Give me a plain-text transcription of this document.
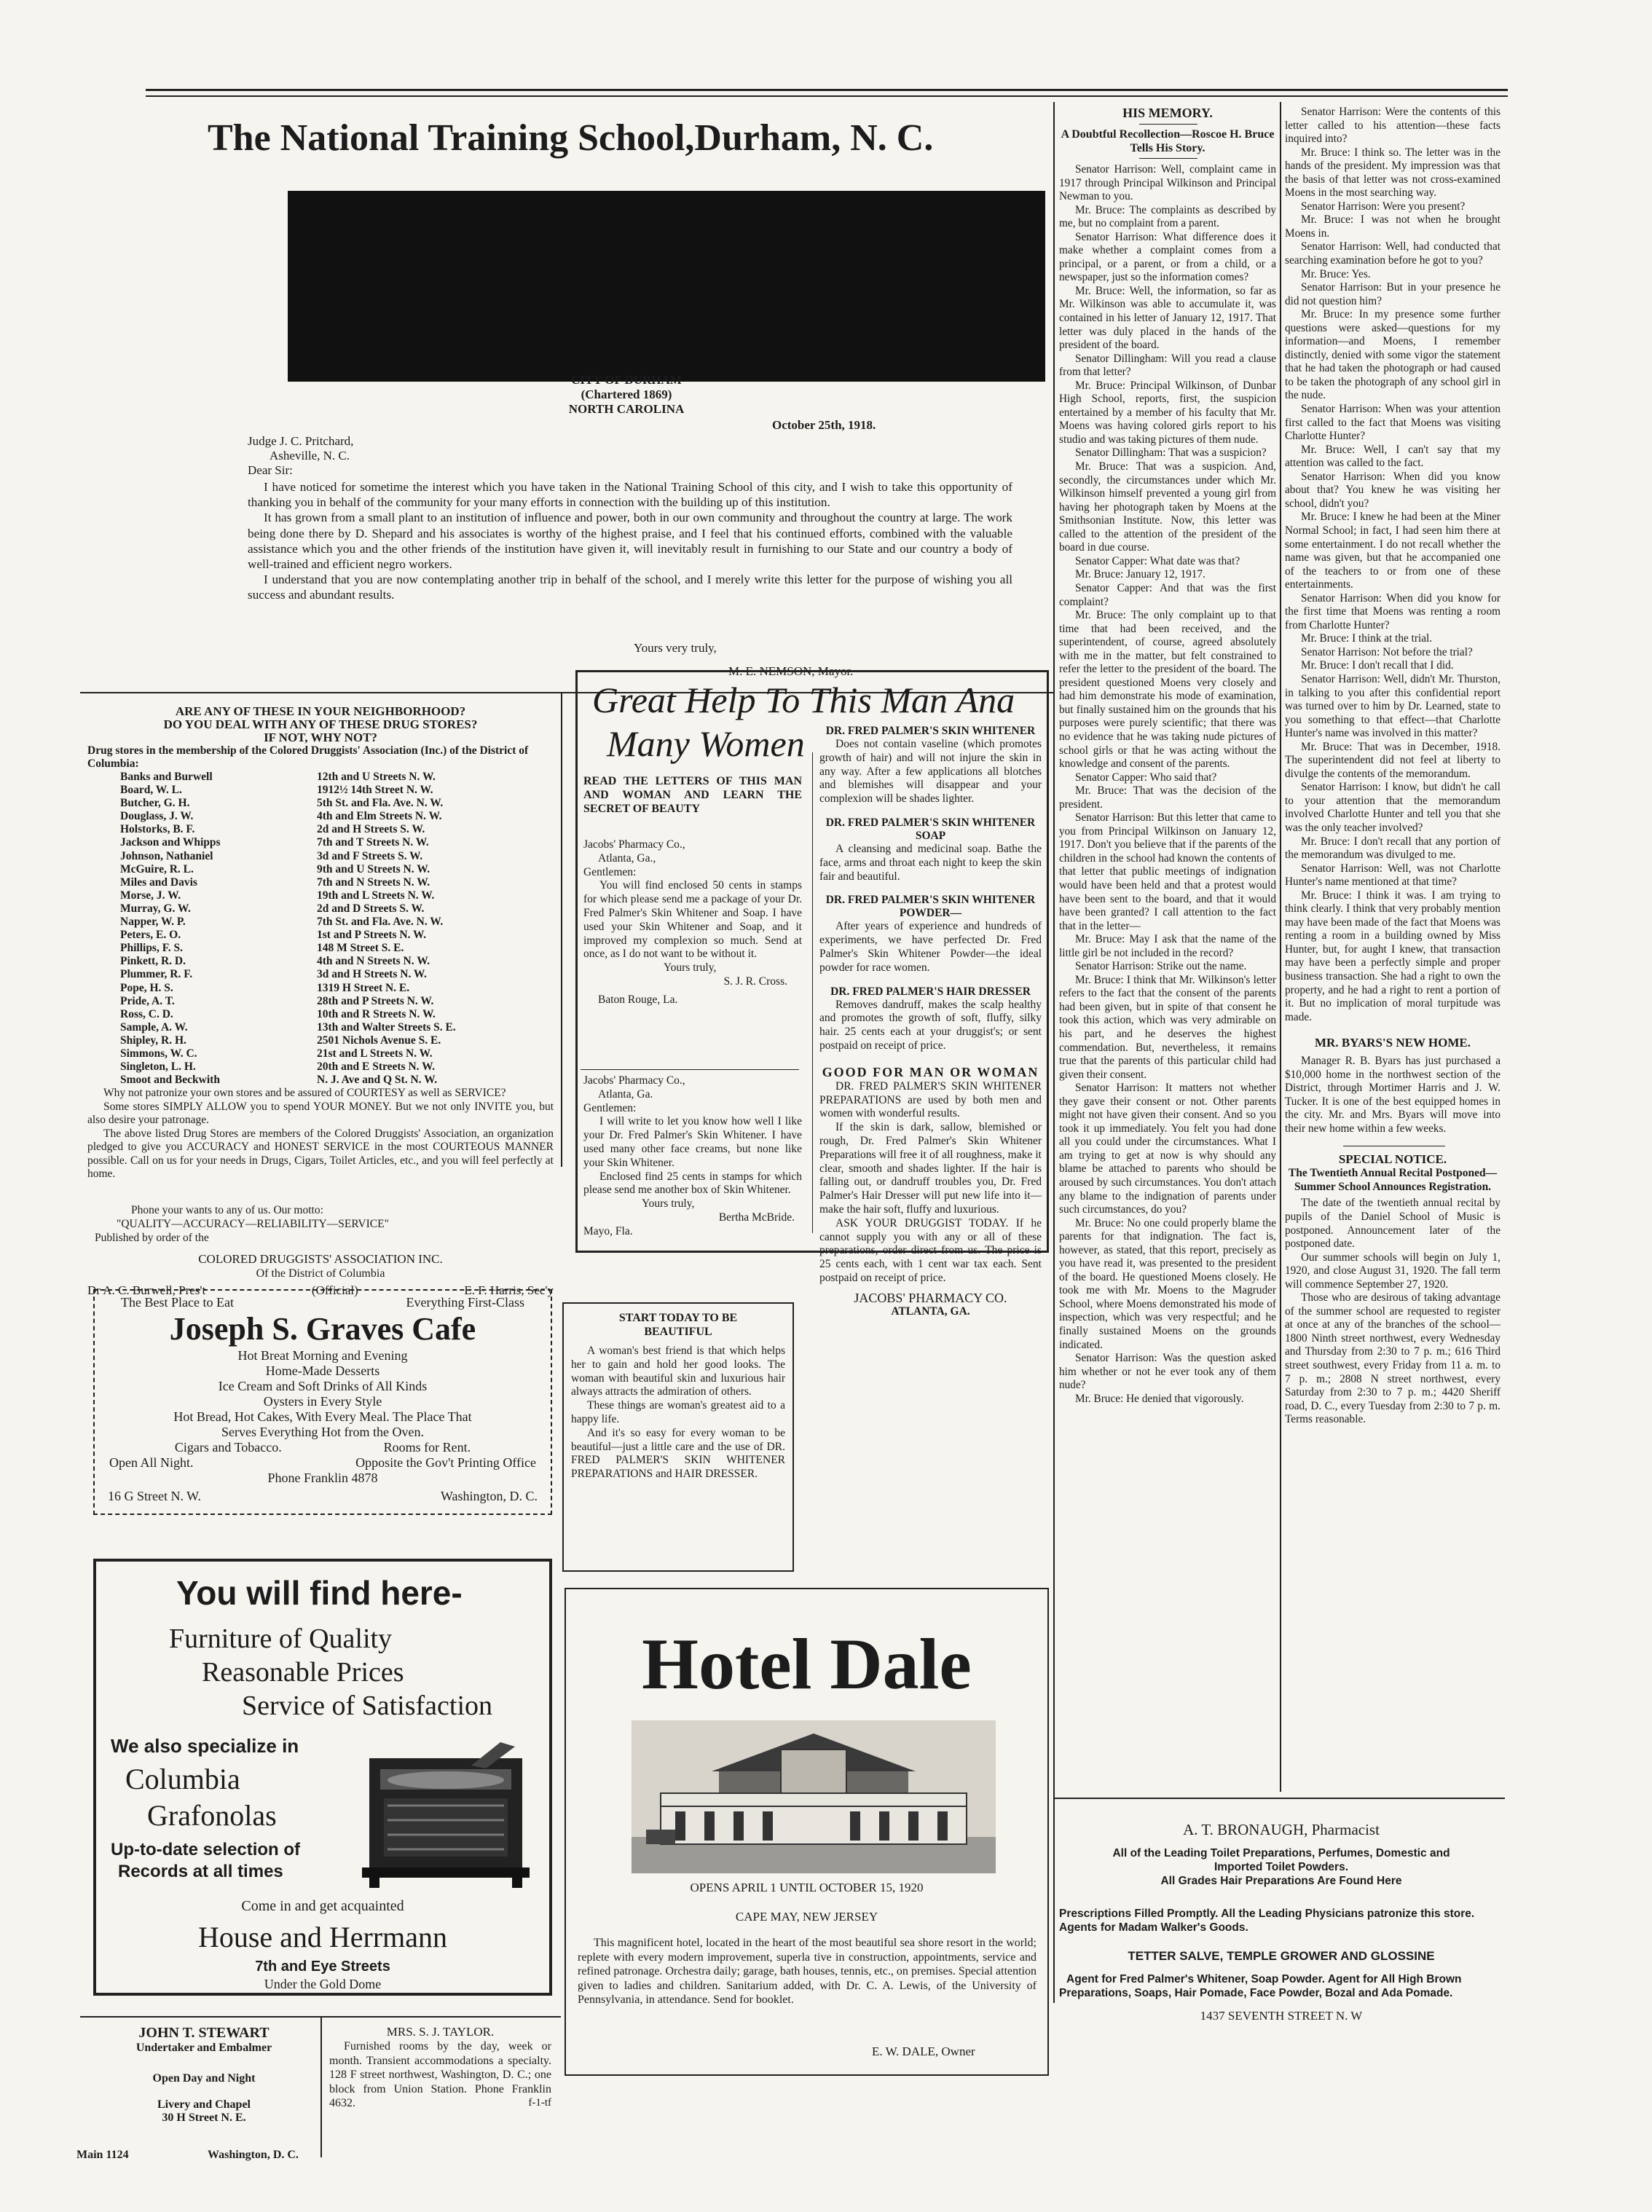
The National Training School,Durham, N. C.
CITY OF DURHAM
(Chartered 1869)
NORTH CAROLINA
October 25th, 1918.
Judge J. C. Pritchard,
Asheville, N. C.
Dear Sir:

I have noticed for sometime the interest which you have taken in the National Training School of this city, and I wish to take this opportunity of thanking you in behalf of the community for your many efforts in connection with the building up of this institution.

It has grown from a small plant to an institution of influence and power, both in our own community and throughout the country at large. The work being done there by D. Shepard and his associates is worthy of the highest praise, and I feel that his continued efforts, combined with the valuable assistance which you and the other friends of the institution have given it, will inevitably result in furnishing to our State and our country a body of well-trained and efficient negro workers.

I understand that you are now contemplating another trip in behalf of the school, and I merely write this letter for the purpose of wishing you all success and abundant results.

Yours very truly,
M. E. NEMSON, Mayor.
ARE ANY OF THESE IN YOUR NEIGHBORHOOD?
DO YOU DEAL WITH ANY OF THESE DRUG STORES?
IF NOT, WHY NOT?
Drug stores in the membership of the Colored Druggists' Association (Inc.) of the District of Columbia:
Banks and Burwell	12th and U Streets N. W.
Board, W. L.	1912½ 14th Street N. W.
Butcher, G. H.	5th St. and Fla. Ave. N. W.
Douglass, J. W.	4th and Elm Streets N. W.
Holstorks, B. F.	2d and H Streets S. W.
Jackson and Whipps	7th and T Streets N. W.
Johnson, Nathaniel	3d and F Streets S. W.
McGuire, R. L.	9th and U Streets N. W.
Miles and Davis	7th and N Streets N. W.
Morse, J. W.	19th and L Streets N. W.
Murray, G. W.	2d and D Streets S. W.
Napper, W. P.	7th St. and Fla. Ave. N. W.
Peters, E. O.	1st and P Streets N. W.
Phillips, F. S.	148 M Street S. E.
Pinkett, R. D.	4th and N Streets N. W.
Plummer, R. F.	3d and H Streets N. W.
Pope, H. S.	1319 H Street N. E.
Pride, A. T.	28th and P Streets N. W.
Ross, C. D.	10th and R Streets N. W.
Sample, A. W.	13th and Walter Streets S. E.
Shipley, R. H.	2501 Nichols Avenue S. E.
Simmons, W. C.	21st and L Streets N. W.
Singleton, L. H.	20th and E Streets N. W.
Smoot and Beckwith	N. J. Ave and Q St. N. W.

Why not patronize your own stores and be assured of COURTESY as well as SERVICE?

Some stores SIMPLY ALLOW you to spend YOUR MONEY. But we not only INVITE you, but also desire your patronage.

The above listed Drug Stores are members of the Colored Druggists' Association, an organization pledged to give you ACCURACY and HONEST SERVICE in the most COURTEOUS MANNER possible. Call on us for your needs in Drugs, Cigars, Toilet Articles, etc., and you will feel perfectly at home.

Phone your wants to any of us. Our motto:
"QUALITY—ACCURACY—RELIABILITY—SERVICE"
Published by order of the
COLORED DRUGGISTS' ASSOCIATION INC.
Of the District of Columbia
Dr A. C. Burwell, Pres't	(Official)	E. F. Harris, Sec'y
The Best Place to Eat	Everything First-Class
Joseph S. Graves Cafe
Hot Breat Morning and Evening
Home-Made Desserts
Ice Cream and Soft Drinks of All Kinds
Oysters in Every Style
Hot Bread, Hot Cakes, With Every Meal. The Place That
Serves Everything Hot from the Oven.
Cigars and Tobacco.	Rooms for Rent.
Open All Night.	Opposite the Gov't Printing Office
Phone Franklin 4878
16 G Street N. W.	Washington, D. C.
You will find here-
Furniture of Quality
Reasonable Prices
Service of Satisfaction
We also specialize in
Columbia
Grafonolas
Up-to-date selection of
Records at all times
Come in and get acquainted
House and Herrmann
7th and Eye Streets
Under the Gold Dome
JOHN T. STEWART
Undertaker and Embalmer
Open Day and Night
Livery and Chapel
30 H Street N. E.
Main 1124	Washington, D. C.
MRS. S. J. TAYLOR.
Furnished rooms by the day, week or month. Transient accommodations a specialty. 128 F street northwest, Washington, D. C.; one block from Union Station. Phone Franklin 4632.	f-1-tf
Great Help To This Man Ana
Many Women
READ THE LETTERS OF THIS MAN AND WOMAN AND LEARN THE SECRET OF BEAUTY
Jacobs' Pharmacy Co.,
Atlanta, Ga.,
Gentlemen:

You will find enclosed 50 cents in stamps for which please send me a package of your Dr. Fred Palmer's Skin Whitener and Soap. I have used your Skin Whitener and Soap, and it improved my complexion so much. Send at once, as I do not want to be without it.

Yours truly,
S. J. R. Cross.
Baton Rouge, La.
Jacobs' Pharmacy Co.,
Atlanta, Ga.
Gentlemen:

I will write to let you know how well I like your Dr. Fred Palmer's Skin Whitener. I have used many other face creams, but none like your Skin Whitener.

Enclosed find 25 cents in stamps for which please send me another box of Skin Whitener.

Yours truly,
Bertha McBride.
Mayo, Fla.
DR. FRED PALMER'S SKIN WHITENER

Does not contain vaseline (which promotes growth of hair) and will not injure the skin in any way. After a few applications all blotches and blemishes will disappear and your complexion will be shades lighter.

DR. FRED PALMER'S SKIN WHITENER SOAP

A cleansing and medicinal soap. Bathe the face, arms and throat each night to keep the skin fair and beautiful.

DR. FRED PALMER'S SKIN WHITENER POWDER—

After years of experience and hundreds of experiments, we have perfected Dr. Fred Palmer's Skin Whitener Powder—the ideal powder for race women.

DR. FRED PALMER'S HAIR DRESSER

Removes dandruff, makes the scalp healthy and promotes the growth of soft, fluffy, silky hair. 25 cents each at your druggist's; or sent postpaid on receipt of price.

GOOD FOR MAN OR WOMAN

DR. FRED PALMER'S SKIN WHITENER PREPARATIONS are used by both men and women with wonderful results.

If the skin is dark, sallow, blemished or rough, Dr. Fred Palmer's Skin Whitener Preparations will free it of all roughness, make it clear, smooth and shades lighter. If the hair is falling out, or dandruff troubles you, Dr. Fred Palmer's Hair Dresser will put new life into it—make the hair soft, fluffy and luxurious.

ASK YOUR DRUGGIST TODAY. If he cannot supply you with any or all of these preparations, order direct from us. The price is 25 cents each, with 1 cent war tax each. Sent postpaid on receipt of price.

JACOBS' PHARMACY CO.
ATLANTA, GA.
START TODAY TO BE BEAUTIFUL

A woman's best friend is that which helps her to gain and hold her good looks. The woman with beautiful skin and luxurious hair always attracts the admiration of others.

These things are woman's greatest aid to a happy life.

And it's so easy for every woman to be beautiful—just a little care and the use of DR. FRED PALMER'S SKIN WHITENER PREPARATIONS and HAIR DRESSER.

Hotel Dale
OPENS APRIL 1 UNTIL OCTOBER 15, 1920
CAPE MAY, NEW JERSEY
This magnificent hotel, located in the heart of the most beautiful sea shore resort in the world; replete with every modern improvement, superla tive in construction, appointments, service and refined patronage. Orchestra daily; garage, bath houses, tennis, etc., on premises. Special attention given to ladies and children. Sanitarium added, with Dr. C. A. Lewis, of the University of Pennsylvania, in attendance. Send for booklet.
E. W. DALE, Owner
HIS MEMORY.
A Doubtful Recollection—Roscoe H. Bruce Tells His Story.

Senator Harrison: Well, complaint came in 1917 through Principal Wilkinson and Principal Newman to you.

Mr. Bruce: The complaints as described by me, but no complaint from a parent.

Senator Harrison: What difference does it make whether a complaint comes from a principal, or a parent, or from a child, or a newspaper, just so the information comes?

Mr. Bruce: Well, the information, so far as Mr. Wilkinson was able to accumulate it, was contained in his letter of January 12, 1917. That letter was duly placed in the hands of the president of the board.

Senator Dillingham: Will you read a clause from that letter?

Mr. Bruce: Principal Wilkinson, of Dunbar High School, reports, first, the suspicion entertained by a member of his faculty that Mr. Moens was having colored girls report to his studio and was taking pictures of them nude.

Senator Dillingham: That was a suspicion?

Mr. Bruce: That was a suspicion. And, secondly, the circumstances under which Mr. Wilkinson himself prevented a young girl from having her photograph taken by Moens at the Smithsonian Institute. Now, this letter was called to the attention of the president of the board in due course.

Senator Capper: What date was that?

Mr. Bruce: January 12, 1917.

Senator Capper: And that was the first complaint?

Mr. Bruce: The only complaint up to that time that had been received, and the superintendent, of course, agreed absolutely with me in the matter, but felt constrained to refer the letter to the president of the board. The president questioned Moens very closely and had him demonstrate his mode of examination, but finally sustained him on the grounds that his purposes were purely scientific; that there was no evidence that he was taking nude pictures of school girls or that he was acting without the knowledge and consent of the parents.

Senator Capper: Who said that?

Mr. Bruce: That was the decision of the president.

Senator Harrison: But this letter that came to you from Principal Wilkinson on January 12, 1917. Don't you believe that if the parents of the children in the school had known the contents of that letter that public meetings of indignation would have been held and that a protest would have been sent to the board, and that it would have been granted? I call attention to the fact that in the letter—

Mr. Bruce: May I ask that the name of the little girl be not included in the record?

Senator Harrison: Strike out the name.

Mr. Bruce: I think that Mr. Wilkinson's letter refers to the fact that the consent of the parents had been given, but in spite of that consent he took this action, which was very admirable on his part, and he deserves the highest commendation. But, nevertheless, it remains true that the parents of this particular child had given their consent.

Senator Harrison: It matters not whether they gave their consent or not. Other parents might not have given their consent. And so you took it up immediately. You felt you had done all you could under the circumstances. What I am trying to get at now is why should any blame be attached to parents who should be aroused by such circumstances. You don't attach any blame to the indignation of parents under such circumstances, do you?

Mr. Bruce: No one could properly blame the parents for that indignation. The fact is, however, as stated, that this report, precisely as you have read it, was presented to the president of the board. He questioned Moens closely. He took me with Mr. Moens to the Magruder School, where Moens demonstrated his mode of inspection, which was very respectful; and he finally sustained Moens on the grounds indicated.

Senator Harrison: Was the question asked him whether or not he ever took any of them nude?

Mr. Bruce: He denied that vigorously.

Senator Harrison: Were the contents of this letter called to his attention—these facts inquired into?

Mr. Bruce: I think so. The letter was in the hands of the president. My impression was that the basis of that letter was not cross-examined Moens in the most searching way.

Senator Harrison: Were you present?

Mr. Bruce: I was not when he brought Moens in.

Senator Harrison: Well, had conducted that searching examination before he got to you?

Mr. Bruce: Yes.

Senator Harrison: But in your presence he did not question him?

Mr. Bruce: In my presence some further questions were asked—questions for my information—and Moens, I remember distinctly, denied with some vigor the statement that he had taken the photograph or had caused to be taken the photograph of any school girl in the nude.

Senator Harrison: When was your attention first called to the fact that Moens was visiting Charlotte Hunter?

Mr. Bruce: Well, I can't say that my attention was called to the fact.

Senator Harrison: When did you know about that? You knew he was visiting her school, didn't you?

Mr. Bruce: I knew he had been at the Miner Normal School; in fact, I had seen him there at some entertainment. I do not recall whether the name was given, but that he accompanied one of the teachers to or from one of these entertainments.

Senator Harrison: When did you know for the first time that Moens was renting a room from Charlotte Hunter?

Mr. Bruce: I think at the trial.

Senator Harrison: Not before the trial?

Mr. Bruce: I don't recall that I did.

Senator Harrison: Well, didn't Mr. Thurston, in talking to you after this confidential report was turned over to him by Dr. Learned, state to you something to that effect—that Charlotte Hunter's name was involved in this matter?

Mr. Bruce: That was in December, 1918. The superintendent did not feel at liberty to divulge the contents of the memorandum.

Senator Harrison: I know, but didn't he call to your attention that the memorandum involved Charlotte Hunter and tell you that she was the only teacher involved?

Mr. Bruce: I don't recall that any portion of the memorandum was divulged to me.

Senator Harrison: Well, was not Charlotte Hunter's name mentioned at that time?

Mr. Bruce: I think it was. I am trying to think clearly. I think that very probably mention may have been made of the fact that Moens was renting a room in a building owned by Miss Hunter, but, for aught I knew, that transaction may have been a perfectly simple and proper business transaction. She had a right to own the property, and he had a right to rent a portion of it. But no implication of moral turpitude was made.

MR. BYARS'S NEW HOME.
Manager R. B. Byars has just purchased a $10,000 home in the northwest section of the District, through Mortimer Harris and J. W. Tucker. It is one of the best equipped homes in the city. Mr. and Mrs. Byars will move into their new home within a few weeks.
SPECIAL NOTICE.
The Twentieth Annual Recital Postponed—Summer School Announces Registration.

The date of the twentieth annual recital by pupils of the Daniel School of Music is postponed. Announcement later of the postponed date.

Our summer schools will begin on July 1, 1920, and close August 31, 1920. The fall term will commence September 27, 1920.

Those who are desirous of taking advantage of the summer school are requested to register at once at any of the branches of the school—1800 Ninth street northwest, every Wednesday and Thursday from 2:30 to 7 p. m.; 616 Third street southwest, every Friday from 11 a. m. to 7 p. m.; 2808 N street northwest, every Saturday from 2:30 to 7 p. m.; 4420 Sheriff road, D. C., every Tuesday from 2:30 to 7 p. m. Terms reasonable.

A. T. BRONAUGH, Pharmacist
All of the Leading Toilet Preparations, Perfumes, Domestic and Imported Toilet Powders.
All Grades Hair Preparations Are Found Here
Prescriptions Filled Promptly. All the Leading Physicians patronize this store. Agents for Madam Walker's Goods.
TETTER SALVE, TEMPLE GROWER AND GLOSSINE
Agent for Fred Palmer's Whitener, Soap Powder. Agent for All High Brown Preparations, Soaps, Hair Pomade, Face Powder, Bozal and Ada Pomade.
1437 SEVENTH STREET N. W
